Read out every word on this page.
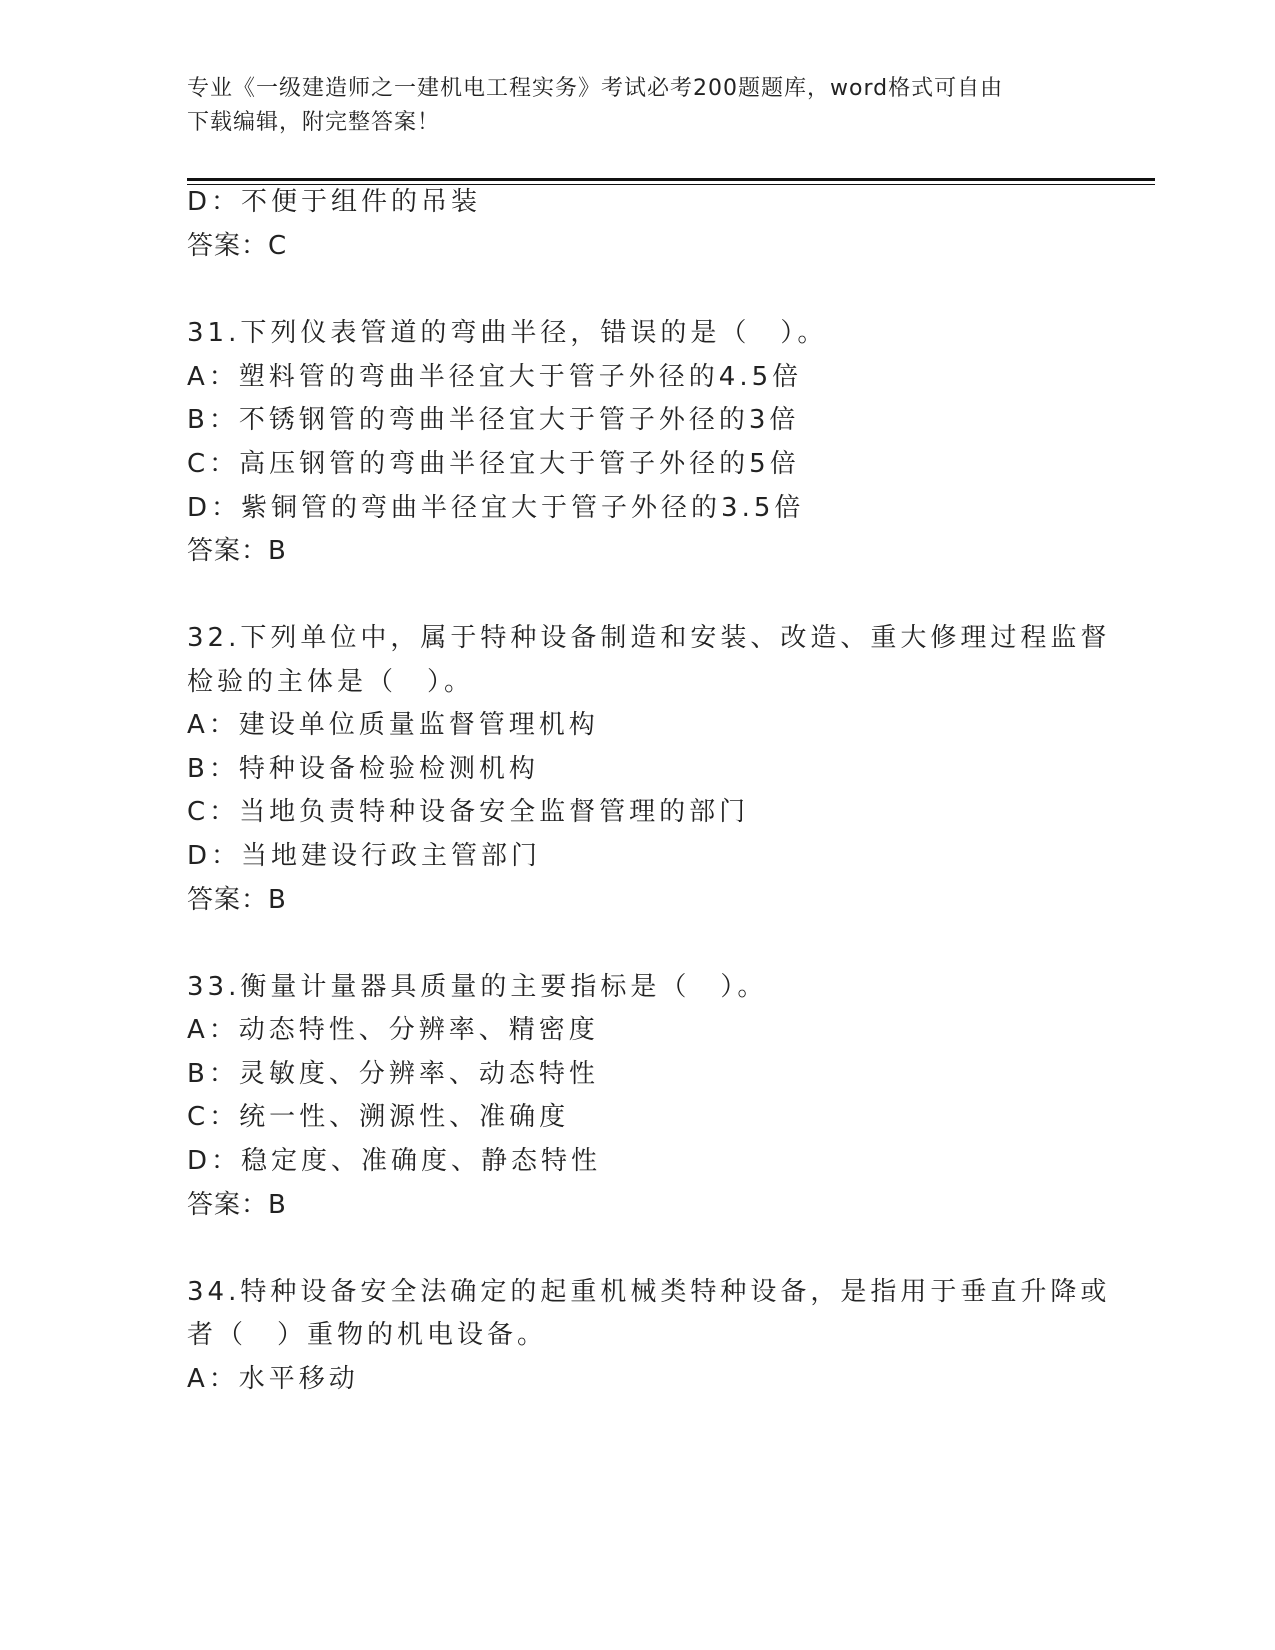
专业《一级建造师之一建机电工程实务》考试必考200题题库，word格式可自由
下载编辑，附完整答案！
D：不便于组件的吊装
答案：C
31.下列仪表管道的弯曲半径，错误的是（　）。
A：塑料管的弯曲半径宜大于管子外径的4.5倍
B：不锈钢管的弯曲半径宜大于管子外径的3倍
C：高压钢管的弯曲半径宜大于管子外径的5倍
D：紫铜管的弯曲半径宜大于管子外径的3.5倍
答案：B
32.下列单位中，属于特种设备制造和安装、改造、重大修理过程监督
检验的主体是（　）。
A：建设单位质量监督管理机构
B：特种设备检验检测机构
C：当地负责特种设备安全监督管理的部门
D：当地建设行政主管部门
答案：B
33.衡量计量器具质量的主要指标是（　）。
A：动态特性、分辨率、精密度
B：灵敏度、分辨率、动态特性
C：统一性、溯源性、准确度
D：稳定度、准确度、静态特性
答案：B
34.特种设备安全法确定的起重机械类特种设备，是指用于垂直升降或
者（　）重物的机电设备。
A：水平移动
